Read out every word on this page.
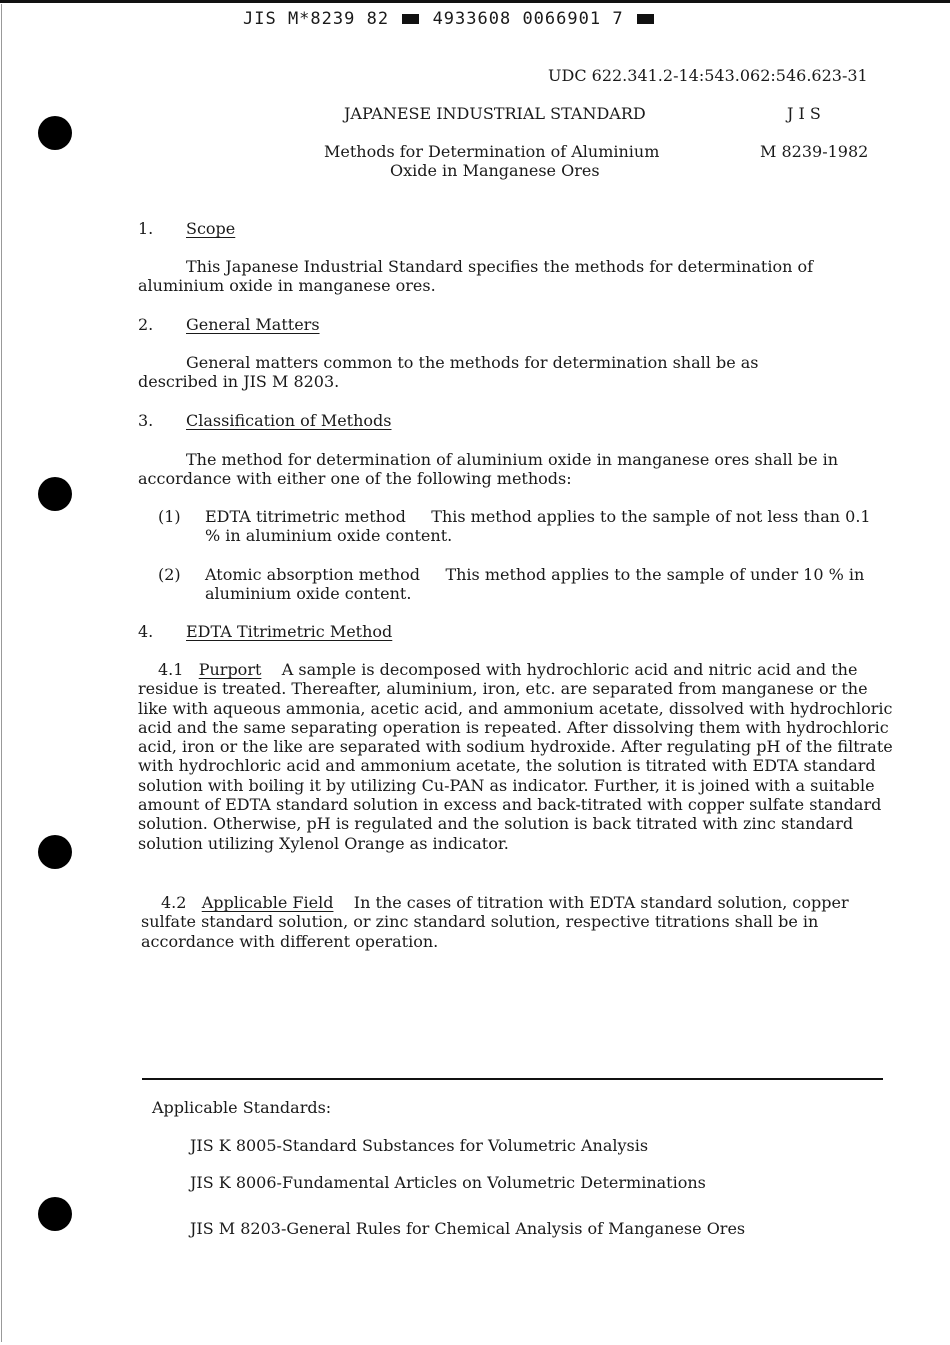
JIS M*8239 82	4933608 0066901 7
UDC 622.341.2-14:543.062:546.623-31
JAPANESE INDUSTRIAL STANDARD	J I S
Methods for Determination of Aluminium
Oxide in Manganese Ores
M 8239-1982
1. Scope
This Japanese Industrial Standard specifies the methods for determination of aluminium oxide in manganese ores.
2. General Matters
General matters common to the methods for determination shall be as described in JIS M 8203.
3. Classification of Methods
The method for determination of aluminium oxide in manganese ores shall be in accordance with either one of the following methods:
(1) EDTA titrimetric method This method applies to the sample of not less than 0.1 % in aluminium oxide content.
(2) Atomic absorption method This method applies to the sample of under 10 % in aluminium oxide content.
4. EDTA Titrimetric Method
4.1 Purport A sample is decomposed with hydrochloric acid and nitric acid and the residue is treated. Thereafter, aluminium, iron, etc. are separated from manganese or the like with aqueous ammonia, acetic acid, and ammonium acetate, dissolved with hydrochloric acid and the same separating operation is repeated. After dissolving them with hydrochloric acid, iron or the like are separated with sodium hydroxide. After regulating pH of the filtrate with hydrochloric acid and ammonium acetate, the solution is titrated with EDTA standard solution with boiling it by utilizing Cu-PAN as indicator. Further, it is joined with a suitable amount of EDTA standard solution in excess and back-titrated with copper sulfate standard solution. Otherwise, pH is regulated and the solution is back titrated with zinc standard solution utilizing Xylenol Orange as indicator.
4.2 Applicable Field In the cases of titration with EDTA standard solution, copper sulfate standard solution, or zinc standard solution, respective titrations shall be in accordance with different operation.
Applicable Standards:
JIS K 8005-Standard Substances for Volumetric Analysis
JIS K 8006-Fundamental Articles on Volumetric Determinations
JIS M 8203-General Rules for Chemical Analysis of Manganese Ores
